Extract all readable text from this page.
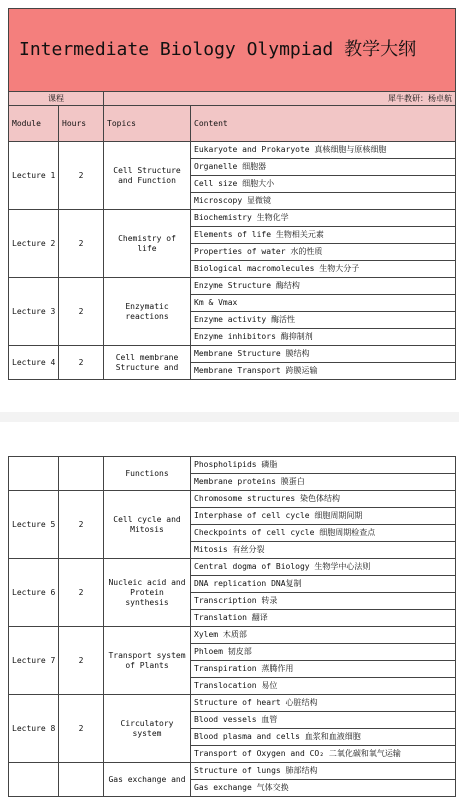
Intermediate Biology Olympiad 教学大纲			
课程		犀牛教研：杨卓航	
Module	Hours	Topics	Content
Lecture 1	2	Cell Structure and Function	Eukaryote and Prokaryote 真核细胞与原核细胞
			Organelle 细胞器
			Cell size 细胞大小
			Microscopy 显微镜
Lecture 2	2	Chemistry of life	Biochemistry 生物化学
			Elements of life 生物相关元素
			Properties of water 水的性质
			Biological macromolecules 生物大分子
Lecture 3	2	Enzymatic reactions	Enzyme Structure 酶结构
			Km & Vmax
			Enzyme activity 酶活性
			Enzyme inhibitors 酶抑制剂
Lecture 4	2	Cell membrane Structure and	Membrane Structure 膜结构
			Membrane Transport 跨膜运输
		Functions	Phospholipids 磷脂
			Membrane proteins 膜蛋白
Lecture 5	2	Cell cycle and Mitosis	Chromosome structures 染色体结构
			Interphase of cell cycle 细胞周期间期
			Checkpoints of cell cycle 细胞周期检查点
			Mitosis 有丝分裂
Lecture 6	2	Nucleic acid and Protein synthesis	Central dogma of Biology 生物学中心法则
			DNA replication DNA复制
			Transcription 转录
			Translation 翻译
Lecture 7	2	Transport system of Plants	Xylem 木质部
			Phloem 韧皮部
			Transpiration 蒸腾作用
			Translocation 易位
Lecture 8	2	Circulatory system	Structure of heart 心脏结构
			Blood vessels 血管
			Blood plasma and cells 血浆和血液细胞
			Transport of Oxygen and CO₂ 二氧化碳和氧气运输
		Gas exchange and	Structure of lungs 肺部结构
			Gas exchange 气体交换
